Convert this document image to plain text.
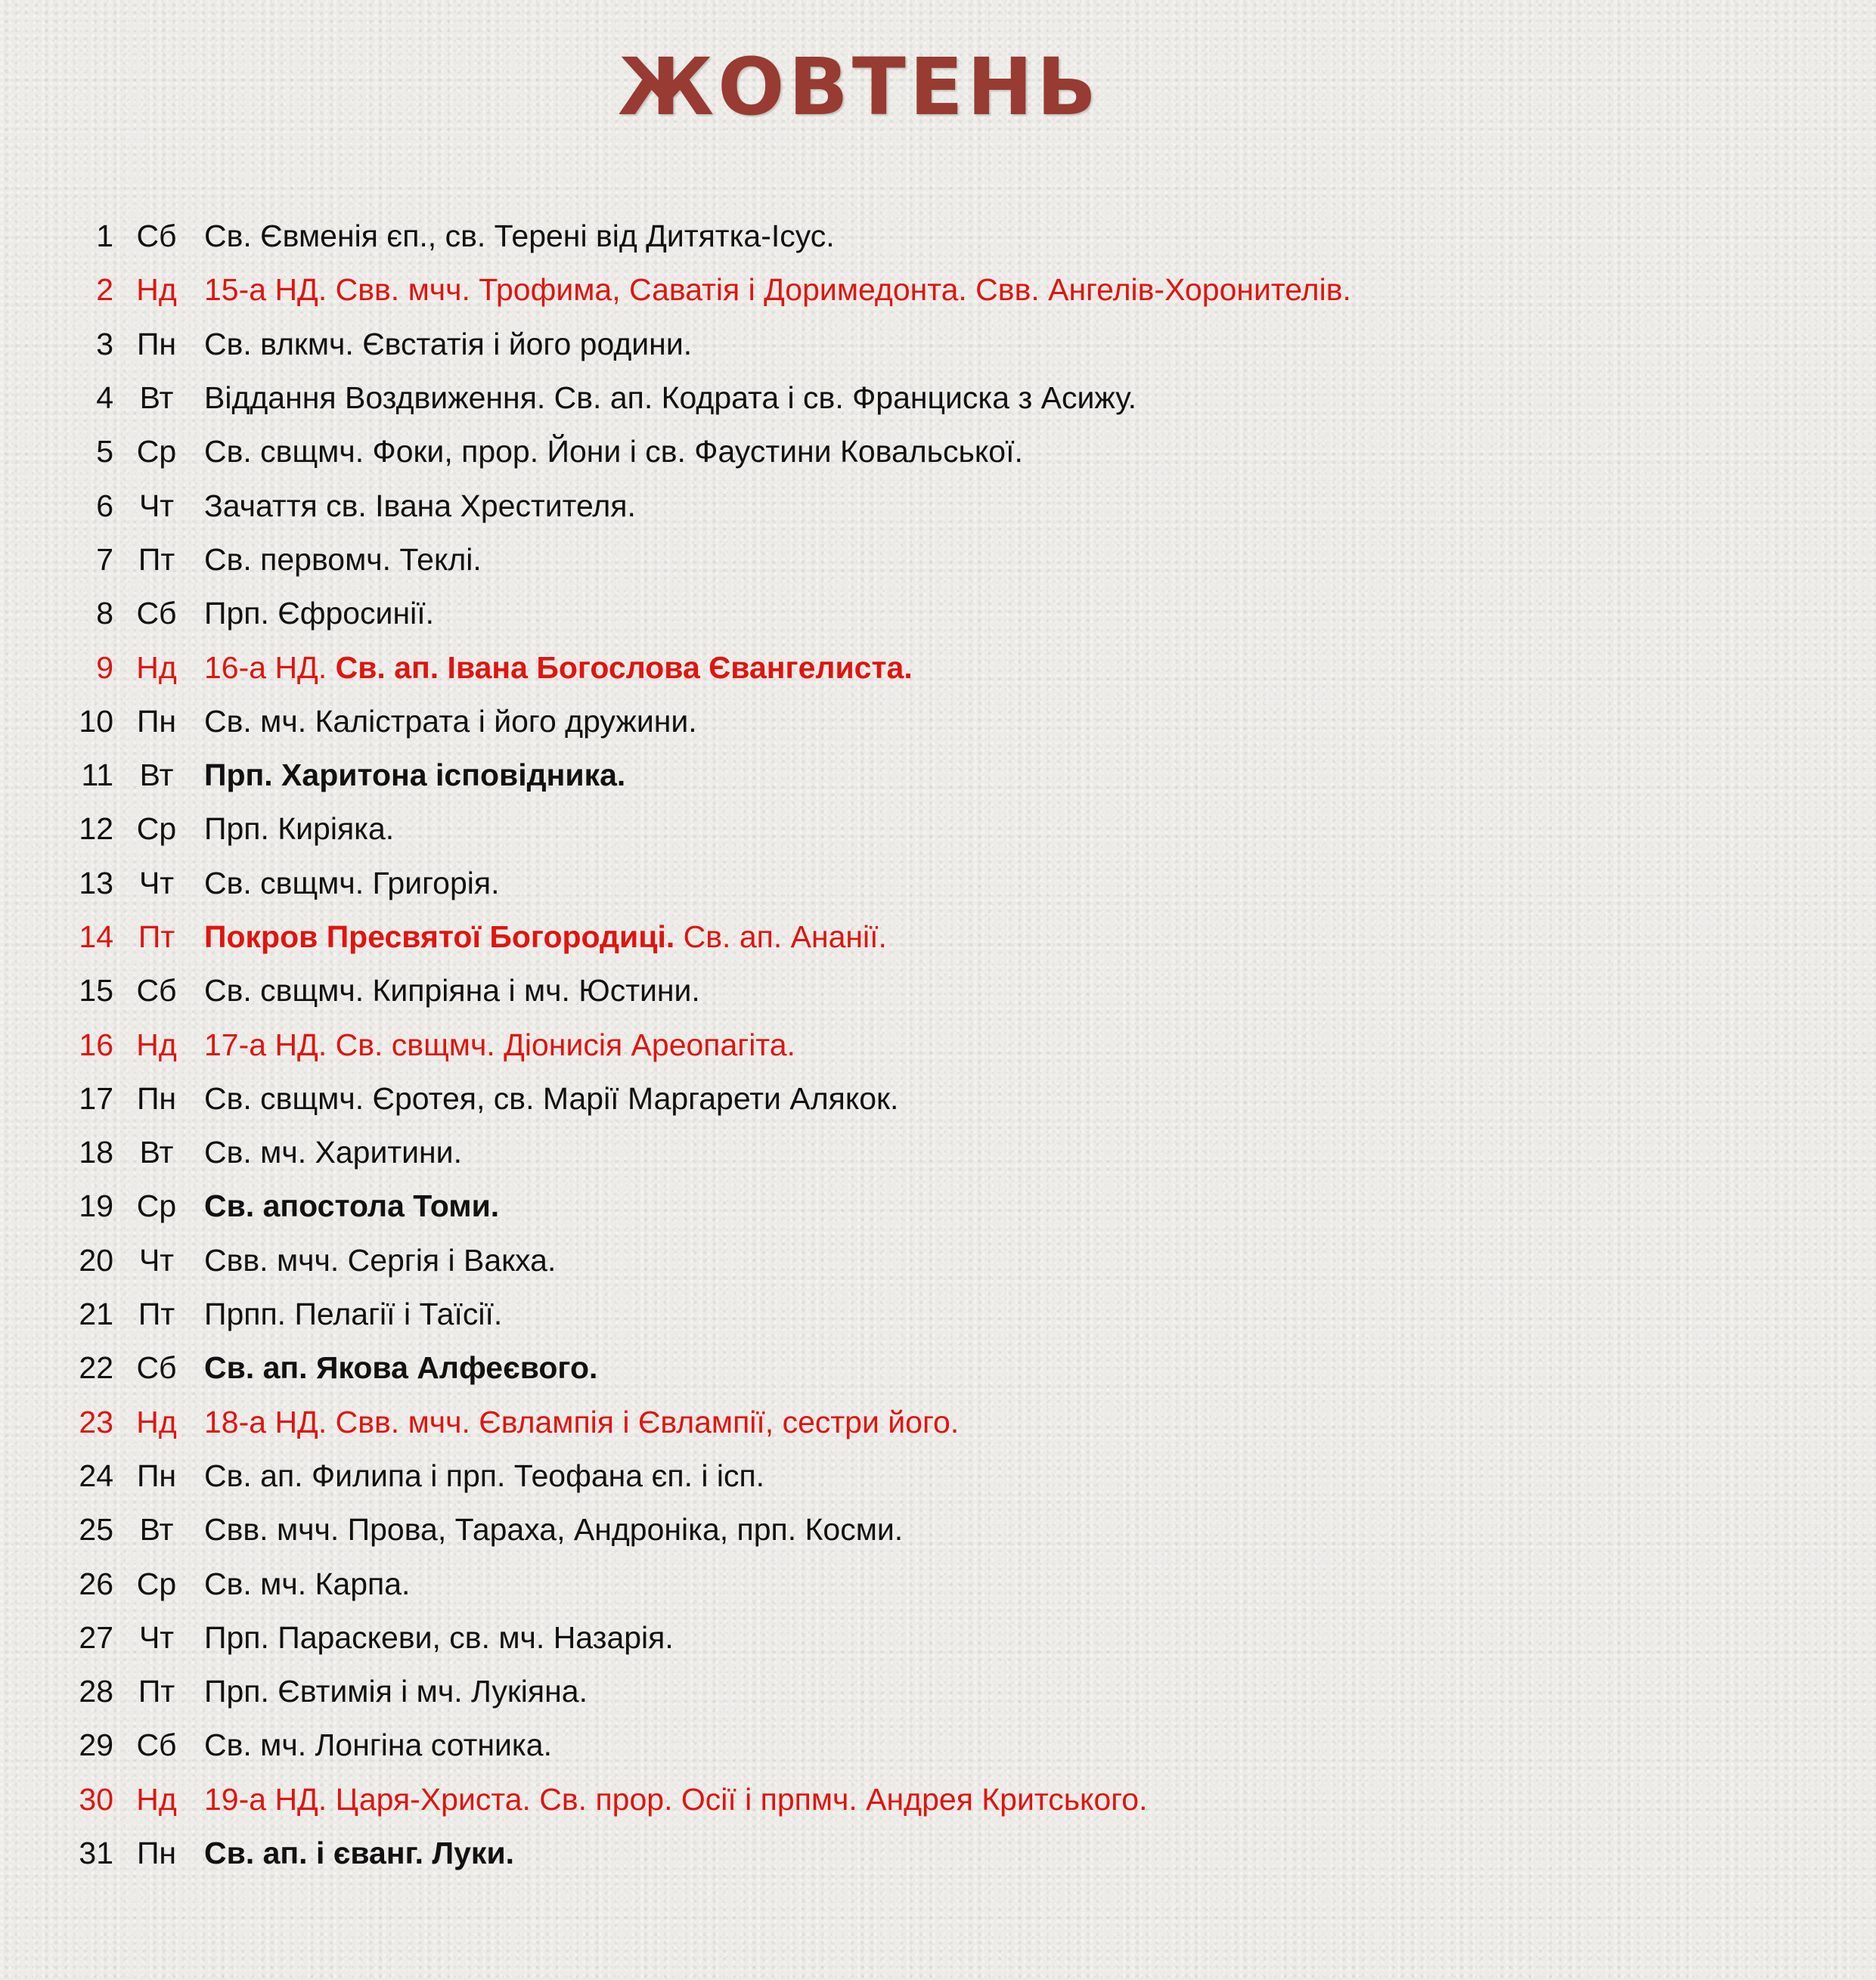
ЖОВТЕНЬ
1 Сб Св. Євменія єп., св. Терені від Дитятка-Ісус.
2 Нд 15-а НД. Свв. мчч. Трофима, Саватія і Доримедонта. Свв. Ангелів-Хоронителів.
3 Пн Св. влкмч. Євстатія і його родини.
4 Вт Віддання Воздвиження. Св. ап. Кодрата і св. Франциска з Асижу.
5 Ср Св. свщмч. Фоки, прор. Йони і св. Фаустини Ковальської.
6 Чт Зачаття св. Івана Хрестителя.
7 Пт Св. первомч. Теклі.
8 Сб Прп. Єфросинії.
9 Нд 16-а НД. Св. ап. Івана Богослова Євангелиста.
10 Пн Св. мч. Калістрата і його дружини.
11 Вт Прп. Харитона ісповідника.
12 Ср Прп. Киріяка.
13 Чт Св. свщмч. Григорія.
14 Пт Покров Пресвятої Богородиці. Св. ап. Ананії.
15 Сб Св. свщмч. Кипріяна і мч. Юстини.
16 Нд 17-а НД. Св. свщмч. Діонисія Ареопагіта.
17 Пн Св. свщмч. Єротея, св. Марії Маргарети Алякок.
18 Вт Св. мч. Харитини.
19 Ср Св. апостола Томи.
20 Чт Свв. мчч. Сергія і Вакха.
21 Пт Прпп. Пелагії і Таїсії.
22 Сб Св. ап. Якова Алфеєвого.
23 Нд 18-а НД. Свв. мчч. Євлампія і Євлампії, сестри його.
24 Пн Св. ап. Филипа і прп. Теофана єп. і ісп.
25 Вт Свв. мчч. Прова, Тараха, Андроніка, прп. Косми.
26 Ср Св. мч. Карпа.
27 Чт Прп. Параскеви, св. мч. Назарія.
28 Пт Прп. Євтимія і мч. Лукіяна.
29 Сб Св. мч. Лонгіна сотника.
30 Нд 19-а НД. Царя-Христа. Св. прор. Осії і прпмч. Андрея Критського.
31 Пн Св. ап. і єванг. Луки.
